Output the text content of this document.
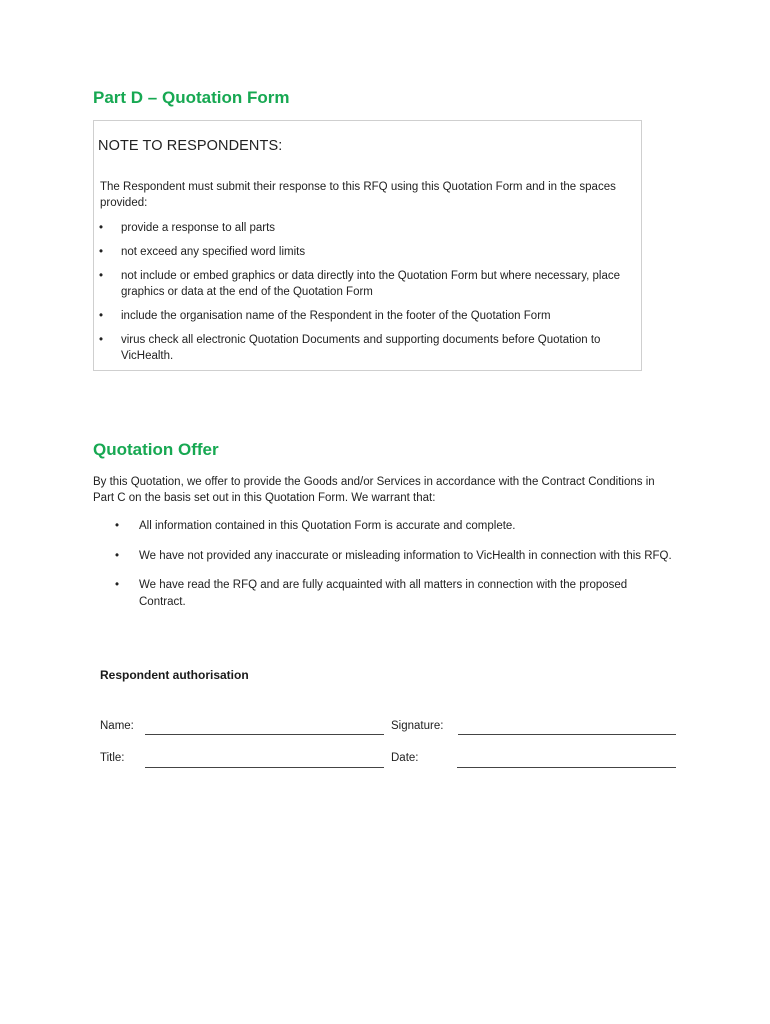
Part D – Quotation Form
NOTE TO RESPONDENTS:
The Respondent must submit their response to this RFQ using this Quotation Form and in the spaces provided:
• provide a response to all parts
• not exceed any specified word limits
• not include or embed graphics or data directly into the Quotation Form but where necessary, place graphics or data at the end of the Quotation Form
• include the organisation name of the Respondent in the footer of the Quotation Form
• virus check all electronic Quotation Documents and supporting documents before Quotation to VicHealth.
Quotation Offer
By this Quotation, we offer to provide the Goods and/or Services in accordance with the Contract Conditions in Part C on the basis set out in this Quotation Form. We warrant that:
• All information contained in this Quotation Form is accurate and complete.
• We have not provided any inaccurate or misleading information to VicHealth in connection with this RFQ.
• We have read the RFQ and are fully acquainted with all matters in connection with the proposed Contract.
Respondent authorisation
Name:	Signature:
Title:	Date:
